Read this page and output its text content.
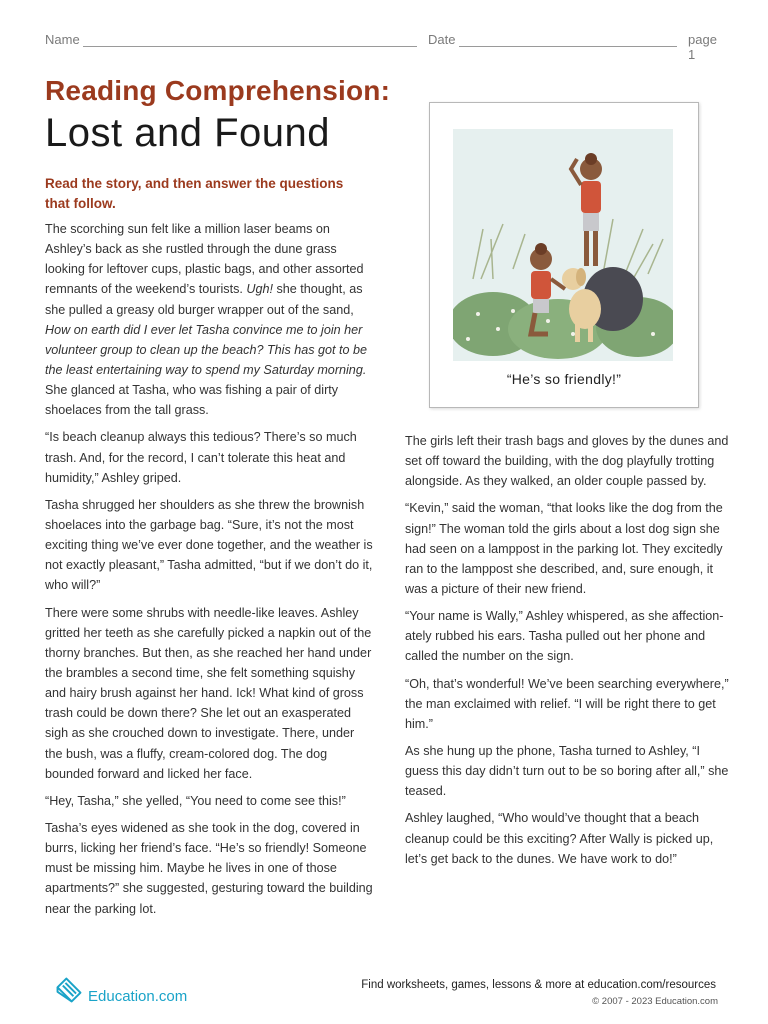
Name	Date	page 1
Reading Comprehension:
Lost and Found

Read the story, and then answer the questions that follow.

“He’s so friendly!”

The scorching sun felt like a million laser beams on Ashley’s back as she rustled through the dune grass looking for leftover cups, plastic bags, and other assorted remnants of the weekend’s tourists. Ugh! she thought, as she pulled a greasy old burger wrapper out of the sand, How on earth did I ever let Tasha convince me to join her volunteer group to clean up the beach? This has got to be the least entertaining way to spend my Saturday morning. She glanced at Tasha, who was fishing a pair of dirty shoelaces from the tall grass.

“Is beach cleanup always this tedious? There’s so much trash. And, for the record, I can’t tolerate this heat and humidity,” Ashley griped.

Tasha shrugged her shoulders as she threw the brownish shoelaces into the garbage bag. “Sure, it’s not the most exciting thing we’ve ever done together, and the weather is not exactly pleasant,” Tasha admitted, “but if we don’t do it, who will?”

There were some shrubs with needle-like leaves. Ashley gritted her teeth as she carefully picked a napkin out of the thorny branches. But then, as she reached her hand under the brambles a second time, she felt something squishy and hairy brush against her hand. Ick! What kind of gross trash could be down there? She let out an exasperated sigh as she crouched down to investigate. There, under the bush, was a fluffy, cream-colored dog. The dog bounded forward and licked her face.

“Hey, Tasha,” she yelled, “You need to come see this!”

Tasha’s eyes widened as she took in the dog, covered in burrs, licking her friend’s face. “He’s so friendly! Someone must be missing him. Maybe he lives in one of those apartments?” she suggested, gesturing toward the building near the parking lot.

The girls left their trash bags and gloves by the dunes and set off toward the building, with the dog playfully trotting alongside. As they walked, an older couple passed by.

“Kevin,” said the woman, “that looks like the dog from the sign!” The woman told the girls about a lost dog sign she had seen on a lamppost in the parking lot. They excitedly ran to the lamppost she described, and, sure enough, it was a picture of their new friend.

“Your name is Wally,” Ashley whispered, as she affection-ately rubbed his ears. Tasha pulled out her phone and called the number on the sign.

“Oh, that’s wonderful! We’ve been searching everywhere,” the man exclaimed with relief. “I will be right there to get him.”

As she hung up the phone, Tasha turned to Ashley, “I guess this day didn’t turn out to be so boring after all,” she teased.

Ashley laughed, “Who would’ve thought that a beach cleanup could be this exciting? After Wally is picked up, let’s get back to the dunes. We have work to do!”

Education.com
Find worksheets, games, lessons & more at education.com/resources
© 2007 - 2023 Education.com
